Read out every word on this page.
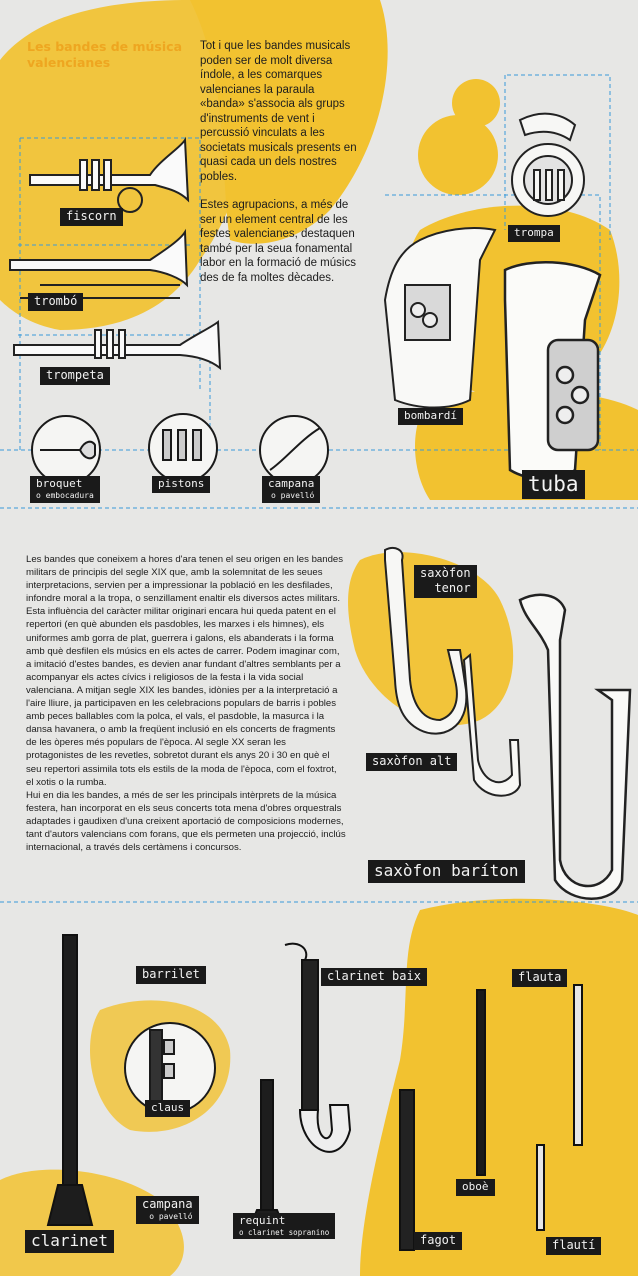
Les bandes de música valencianes

Tot i que les bandes musicals poden ser de molt diversa índole, a les comarques valencianes la paraula «banda» s'associa als grups d'instruments de vent i percussió vinculats a les societats musicals presents en quasi cada un dels nostres pobles.

Estes agrupacions, a més de ser un element central de les festes valencianes, destaquen també per la seua fonamental labor en la formació de músics des de fa moltes dècades.

Les bandes que coneixem a hores d'ara tenen el seu origen en les bandes militars de principis del segle XIX que, amb la solemnitat de les seues interpretacions, servien per a impressionar la població en les desfilades, infondre moral a la tropa, o senzillament enaltir els diversos actes militars. Esta influència del caràcter militar originari encara hui queda patent en el repertori (en què abunden els pasdobles, les marxes i els himnes), els uniformes amb gorra de plat, guerrera i galons, els abanderats i la forma amb què desfilen els músics en els actes de carrer. Podem imaginar com, a imitació d'estes bandes, es devien anar fundant d'altres semblants per a acompanyar els actes cívics i religiosos de la festa i la vida social valenciana. A mitjan segle XIX les bandes, idònies per a la interpretació a l'aire lliure, ja participaven en les celebracions populars de barris i pobles amb peces ballables com la polca, el vals, el pasdoble, la masurca i la dansa havanera, o amb la freqüent inclusió en els concerts de fragments de les òperes més populars de l'època. Al segle XX seran les protagonistes de les revetles, sobretot durant els anys 20 i 30 en què el seu repertori assimila tots els estils de la moda de l'època, com el foxtrot, el xotis o la rumba.

Hui en dia les bandes, a més de ser les principals intèrprets de la música festera, han incorporat en els seus concerts tota mena d'obres orquestrals adaptades i gaudixen d'una creixent aportació de composicions modernes, tant d'autors valencians com forans, que els permeten una projecció, inclús internacional, a través dels certàmens i concursos.

fiscorn
trombó
trompeta
broquet
o embocadura
pistons	campana
o pavelló
trompa
bombardí
tuba
saxòfon
tenor
saxòfon alt
saxòfon baríton
barrilet
claus
campana
o pavelló
clarinet
clarinet baix
requint
o clarinet sopranino
fagot
oboè
flauta
flautí
